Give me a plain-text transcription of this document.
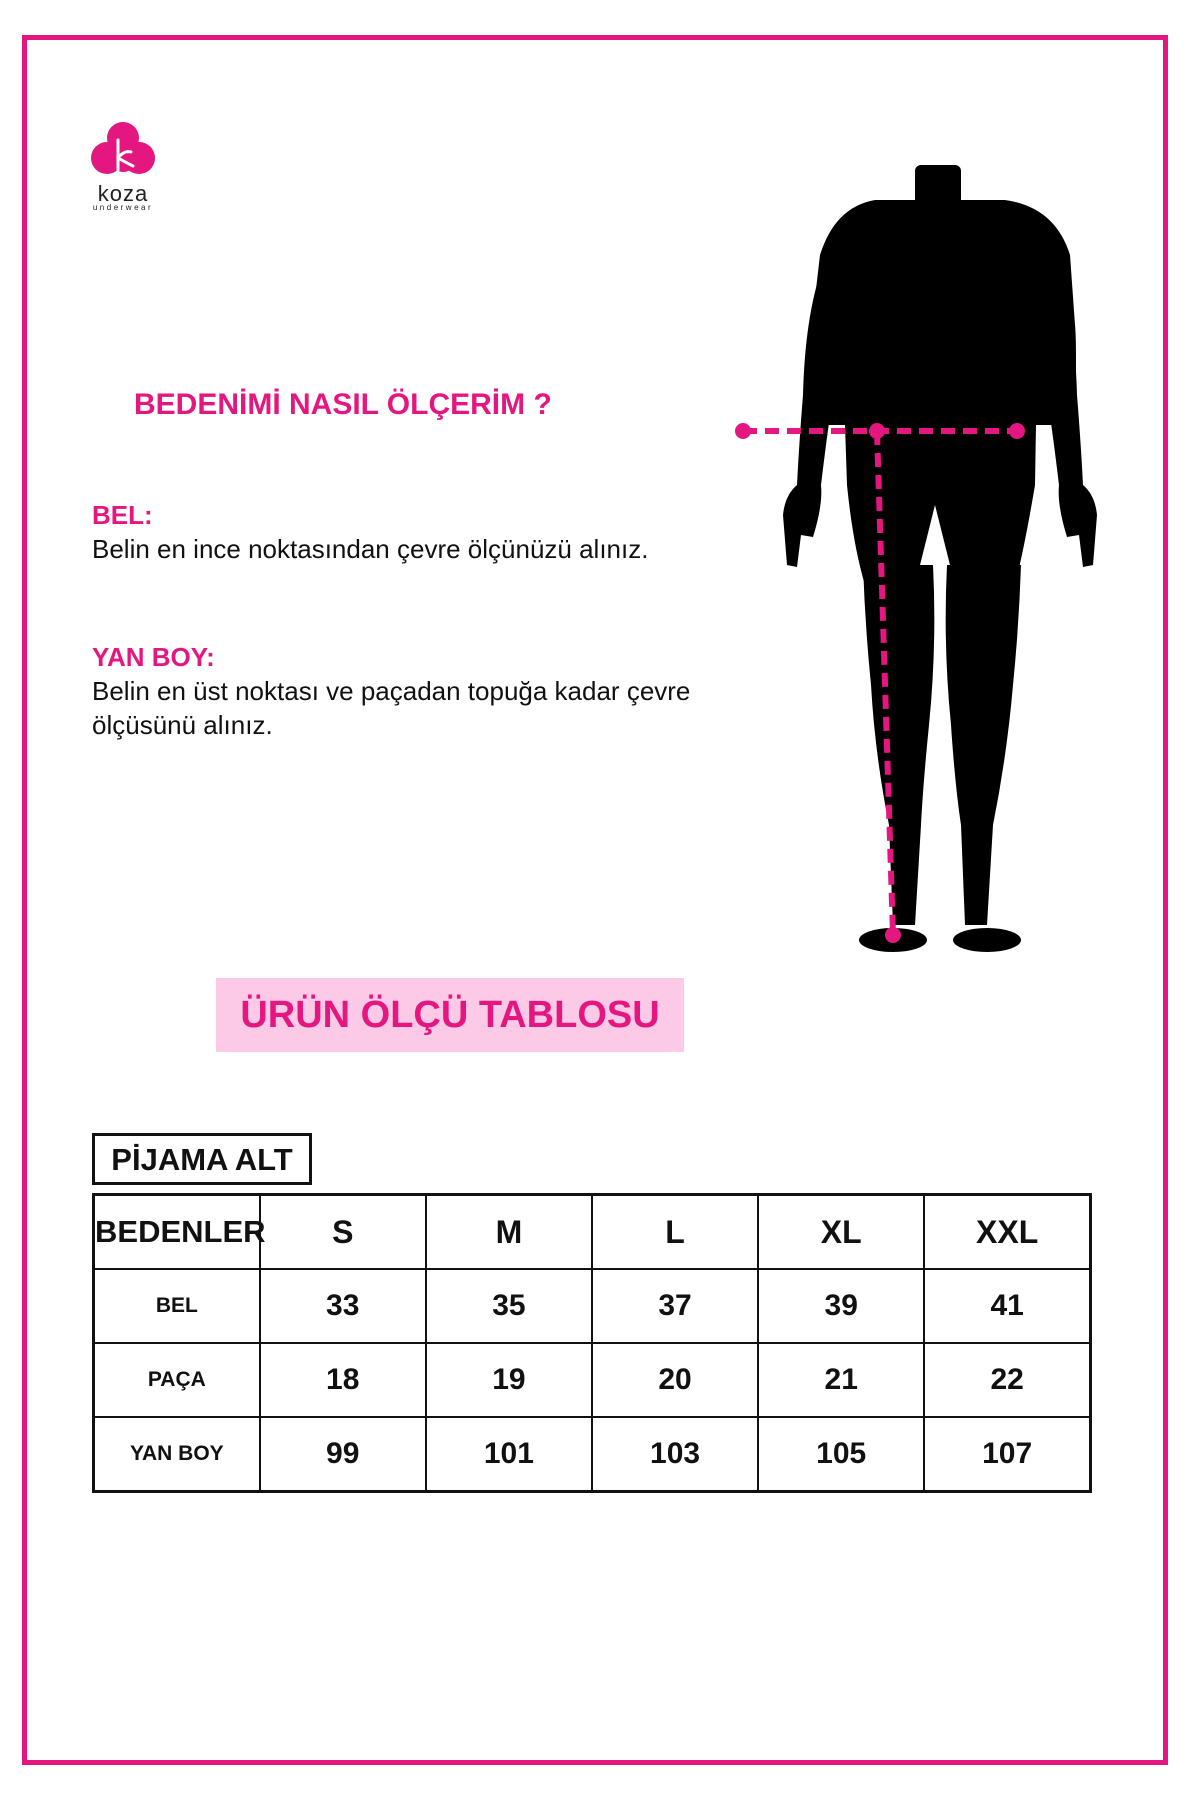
koza
underwear
BEDENİMİ NASIL ÖLÇERİM ?
BEL:
Belin en ince noktasından çevre ölçünüzü alınız.
YAN BOY:
Belin en üst noktası ve paçadan topuğa kadar çevre ölçüsünü alınız.
ÜRÜN ÖLÇÜ TABLOSU
PİJAMA ALT
BEDENLER	S	M	L	XL	XXL
BEL	33	35	37	39	41
PAÇA	18	19	20	21	22
YAN BOY	99	101	103	105	107
